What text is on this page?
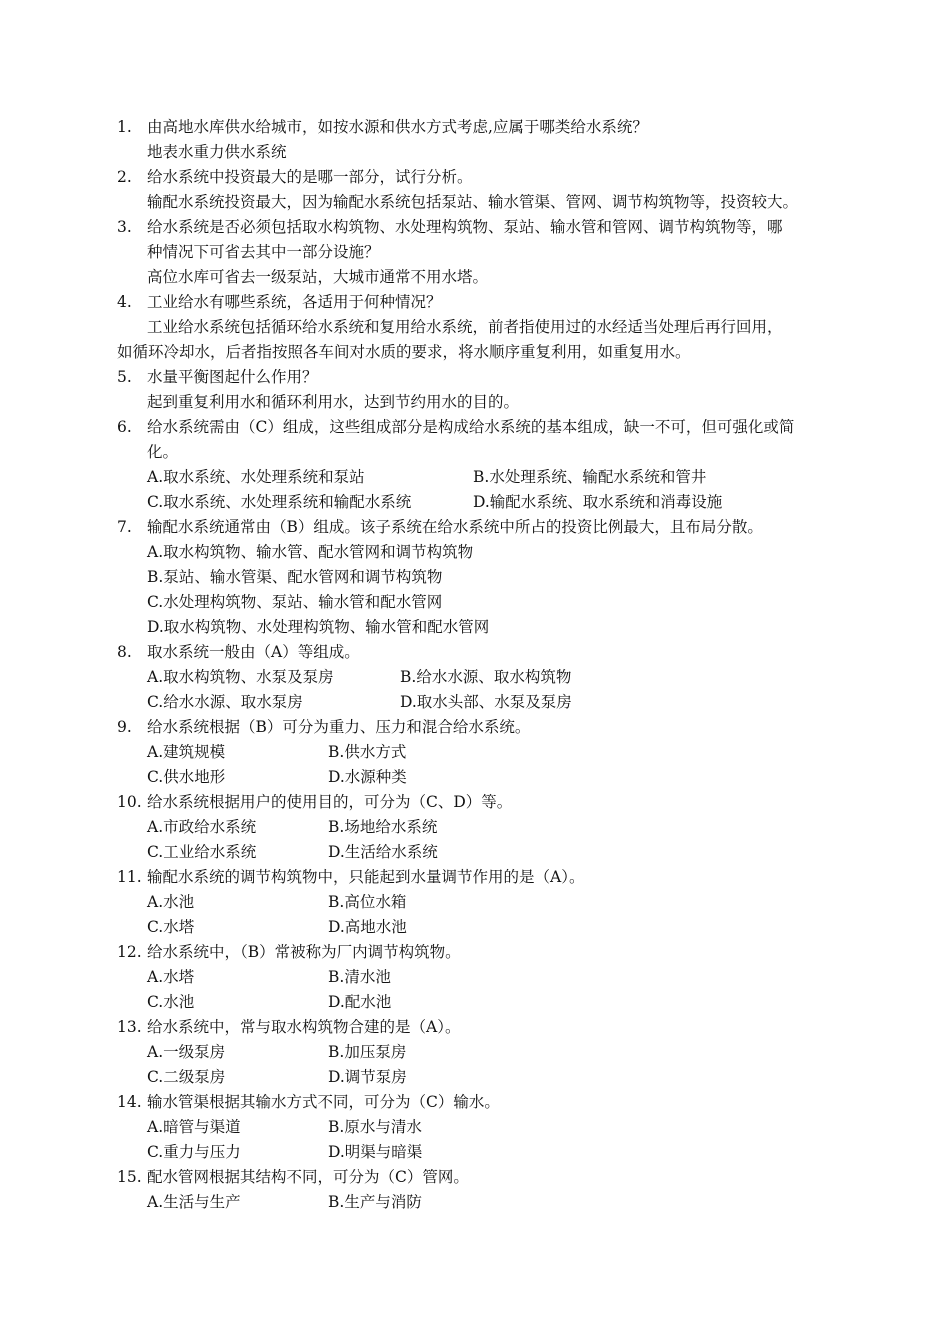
1. 由高地水库供水给城市，如按水源和供水方式考虑,应属于哪类给水系统？
地表水重力供水系统
2. 给水系统中投资最大的是哪一部分，试行分析。
输配水系统投资最大，因为输配水系统包括泵站、输水管渠、管网、调节构筑物等，投资较大。
3. 给水系统是否必须包括取水构筑物、水处理构筑物、泵站、输水管和管网、调节构筑物等，哪
种情况下可省去其中一部分设施？
高位水库可省去一级泵站，大城市通常不用水塔。
4. 工业给水有哪些系统，各适用于何种情况？
工业给水系统包括循环给水系统和复用给水系统，前者指使用过的水经适当处理后再行回用，
如循环冷却水，后者指按照各车间对水质的要求，将水顺序重复利用，如重复用水。
5. 水量平衡图起什么作用？
起到重复利用水和循环利用水，达到节约用水的目的。
6. 给水系统需由（C）组成，这些组成部分是构成给水系统的基本组成，缺一不可，但可强化或简
化。
A.取水系统、水处理系统和泵站	B.水处理系统、输配水系统和管井
C.取水系统、水处理系统和输配水系统	D.输配水系统、取水系统和消毒设施
7. 输配水系统通常由（B）组成。该子系统在给水系统中所占的投资比例最大，且布局分散。
A.取水构筑物、输水管、配水管网和调节构筑物
B.泵站、输水管渠、配水管网和调节构筑物
C.水处理构筑物、泵站、输水管和配水管网
D.取水构筑物、水处理构筑物、输水管和配水管网
8. 取水系统一般由（A）等组成。
A.取水构筑物、水泵及泵房	B.给水水源、取水构筑物
C.给水水源、取水泵房	D.取水头部、水泵及泵房
9. 给水系统根据（B）可分为重力、压力和混合给水系统。
A.建筑规模	B.供水方式
C.供水地形	D.水源种类
10. 给水系统根据用户的使用目的，可分为（C、D）等。
A.市政给水系统	B.场地给水系统
C.工业给水系统	D.生活给水系统
11. 输配水系统的调节构筑物中，只能起到水量调节作用的是（A）。
A.水池	B.高位水箱
C.水塔	D.高地水池
12. 给水系统中，（B）常被称为厂内调节构筑物。
A.水塔	B.清水池
C.水池	D.配水池
13. 给水系统中，常与取水构筑物合建的是（A）。
A.一级泵房	B.加压泵房
C.二级泵房	D.调节泵房
14. 输水管渠根据其输水方式不同，可分为（C）输水。
A.暗管与渠道	B.原水与清水
C.重力与压力	D.明渠与暗渠
15. 配水管网根据其结构不同，可分为（C）管网。
A.生活与生产	B.生产与消防
